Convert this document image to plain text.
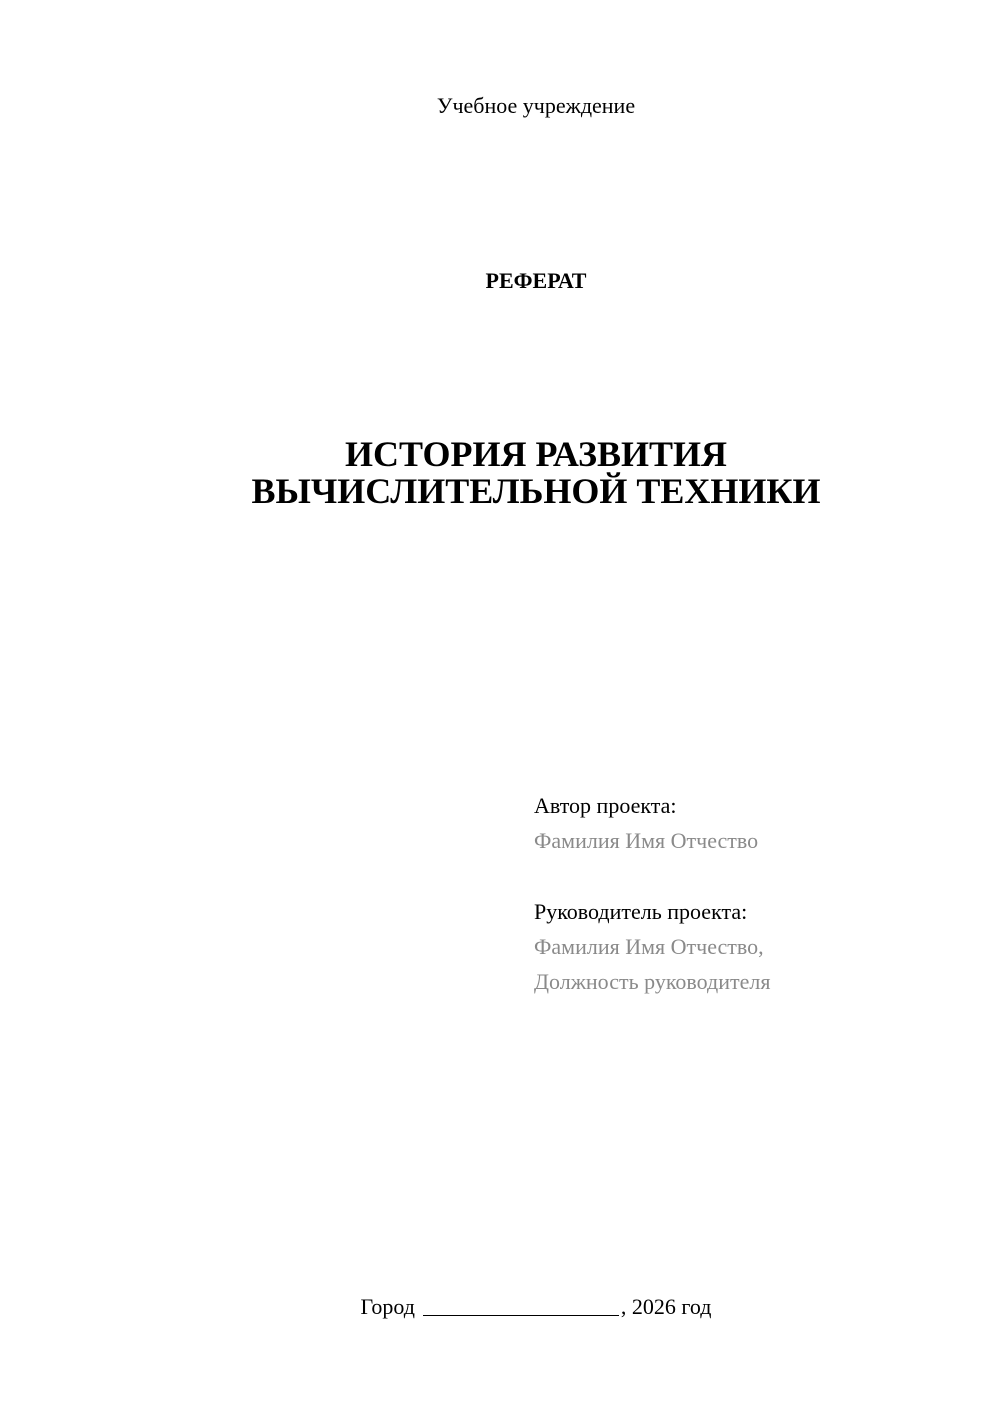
Учебное учреждение
РЕФЕРАТ
ИСТОРИЯ РАЗВИТИЯ
ВЫЧИСЛИТЕЛЬНОЙ ТЕХНИКИ
Автор проекта:
Фамилия Имя Отчество
Руководитель проекта:
Фамилия Имя Отчество,
Должность руководителя
Город	, 2026 год
